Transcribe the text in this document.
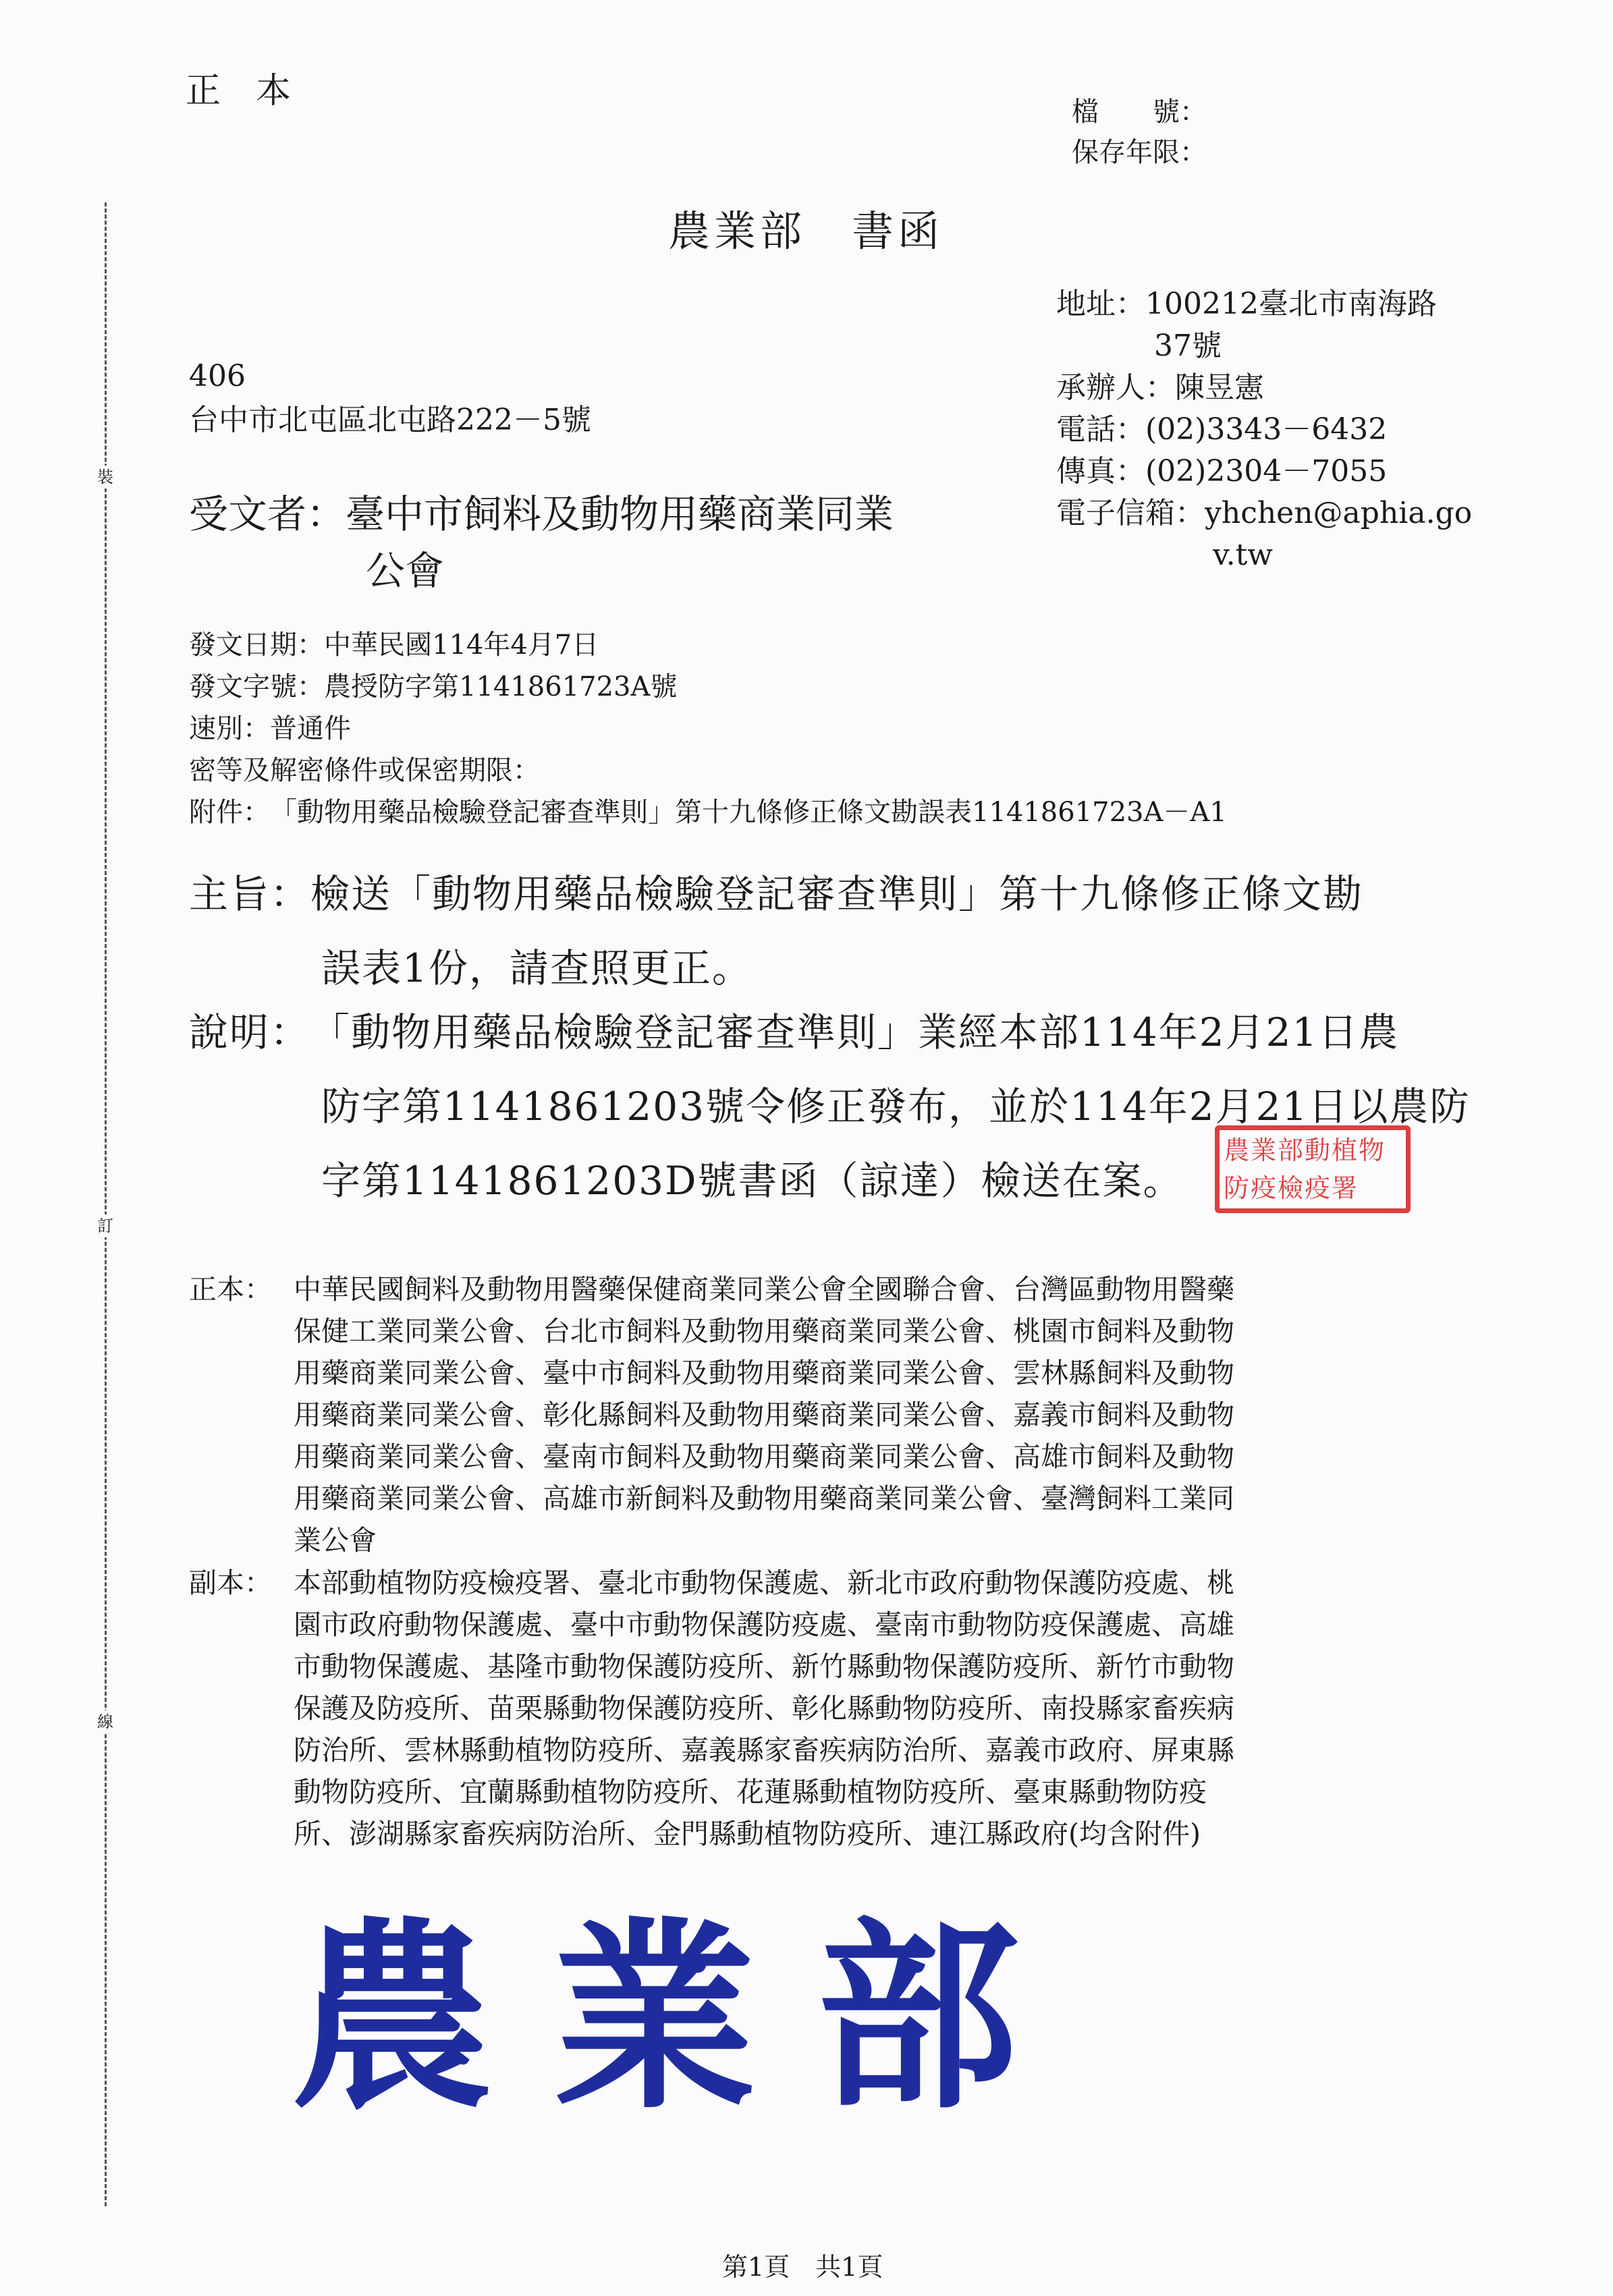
裝
訂
線
正　本
檔　　號：
保存年限：
農業部　書函
406
台中市北屯區北屯路222－5號
地址： 100212臺北市南海路
37號
承辦人： 陳昱憲
電話： (02)3343－6432
傳真： (02)2304－7055
電子信箱： yhchen@aphia.go
v.tw
受文者： 臺中市飼料及動物用藥商業同業
公會
發文日期： 中華民國114年4月7日
發文字號： 農授防字第1141861723A號
速別： 普通件
密等及解密條件或保密期限：
附件： 「動物用藥品檢驗登記審查準則」第十九條修正條文勘誤表1141861723A－A1
主旨： 檢送「動物用藥品檢驗登記審查準則」第十九條修正條文勘
誤表1份，請查照更正。
說明： 「動物用藥品檢驗登記審查準則」業經本部114年2月21日農
防字第1141861203號令修正發布，並於114年2月21日以農防
字第1141861203D號書函（諒達）檢送在案。
農業部動植物防疫檢疫署
正本： 中華民國飼料及動物用醫藥保健商業同業公會全國聯合會、台灣區動物用醫藥
保健工業同業公會、台北市飼料及動物用藥商業同業公會、桃園市飼料及動物
用藥商業同業公會、臺中市飼料及動物用藥商業同業公會、雲林縣飼料及動物
用藥商業同業公會、彰化縣飼料及動物用藥商業同業公會、嘉義市飼料及動物
用藥商業同業公會、臺南市飼料及動物用藥商業同業公會、高雄市飼料及動物
用藥商業同業公會、高雄市新飼料及動物用藥商業同業公會、臺灣飼料工業同
業公會
副本： 本部動植物防疫檢疫署、臺北市動物保護處、新北市政府動物保護防疫處、桃
園市政府動物保護處、臺中市動物保護防疫處、臺南市動物防疫保護處、高雄
市動物保護處、基隆市動物保護防疫所、新竹縣動物保護防疫所、新竹市動物
保護及防疫所、苗栗縣動物保護防疫所、彰化縣動物防疫所、南投縣家畜疾病
防治所、雲林縣動植物防疫所、嘉義縣家畜疾病防治所、嘉義市政府、屏東縣
動物防疫所、宜蘭縣動植物防疫所、花蓮縣動植物防疫所、臺東縣動物防疫
所、澎湖縣家畜疾病防治所、金門縣動植物防疫所、連江縣政府(均含附件)
農業部
第1頁　共1頁
